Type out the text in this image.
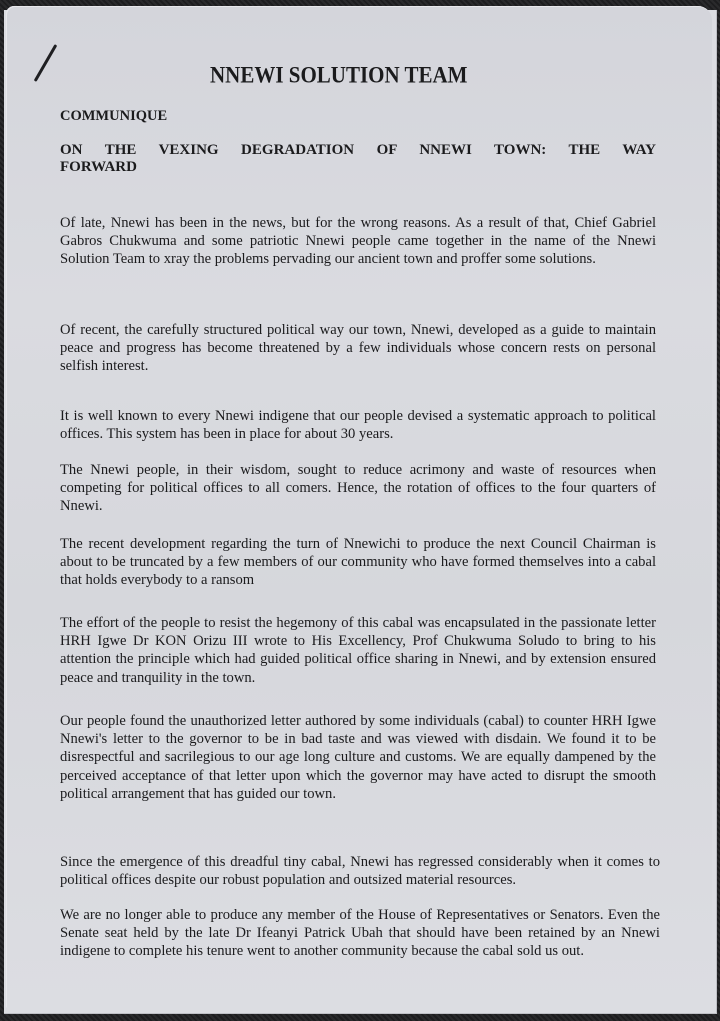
NNEWI SOLUTION TEAM
COMMUNIQUE
ON THE VEXING DEGRADATION OF NNEWI TOWN: THE WAY
FORWARD

Of late, Nnewi has been in the news, but for the wrong reasons. As a result of that, Chief Gabriel Gabros Chukwuma and some patriotic Nnewi people came together in the name of the Nnewi Solution Team to xray the problems pervading our ancient town and proffer some solutions.

Of recent, the carefully structured political way our town, Nnewi, developed as a guide to maintain peace and progress has become threatened by a few individuals whose concern rests on personal selfish interest.

It is well known to every Nnewi indigene that our people devised a systematic approach to political offices. This system has been in place for about 30 years.

The Nnewi people, in their wisdom, sought to reduce acrimony and waste of resources when competing for political offices to all comers. Hence, the rotation of offices to the four quarters of Nnewi.

The recent development regarding the turn of Nnewichi to produce the next Council Chairman is about to be truncated by a few members of our community who have formed themselves into a cabal that holds everybody to a ransom

The effort of the people to resist the hegemony of this cabal was encapsulated in the passionate letter HRH Igwe Dr KON Orizu III wrote to His Excellency, Prof Chukwuma Soludo to bring to his attention the principle which had guided political office sharing in Nnewi, and by extension ensured peace and tranquility in the town.

Our people found the unauthorized letter authored by some individuals (cabal) to counter HRH Igwe Nnewi's letter to the governor to be in bad taste and was viewed with disdain. We found it to be disrespectful and sacrilegious to our age long culture and customs. We are equally dampened by the perceived acceptance of that letter upon which the governor may have acted to disrupt the smooth political arrangement that has guided our town.

Since the emergence of this dreadful tiny cabal, Nnewi has regressed considerably when it comes to political offices despite our robust population and outsized material resources.

We are no longer able to produce any member of the House of Representatives or Senators. Even the Senate seat held by the late Dr Ifeanyi Patrick Ubah that should have been retained by an Nnewi indigene to complete his tenure went to another community because the cabal sold us out.
